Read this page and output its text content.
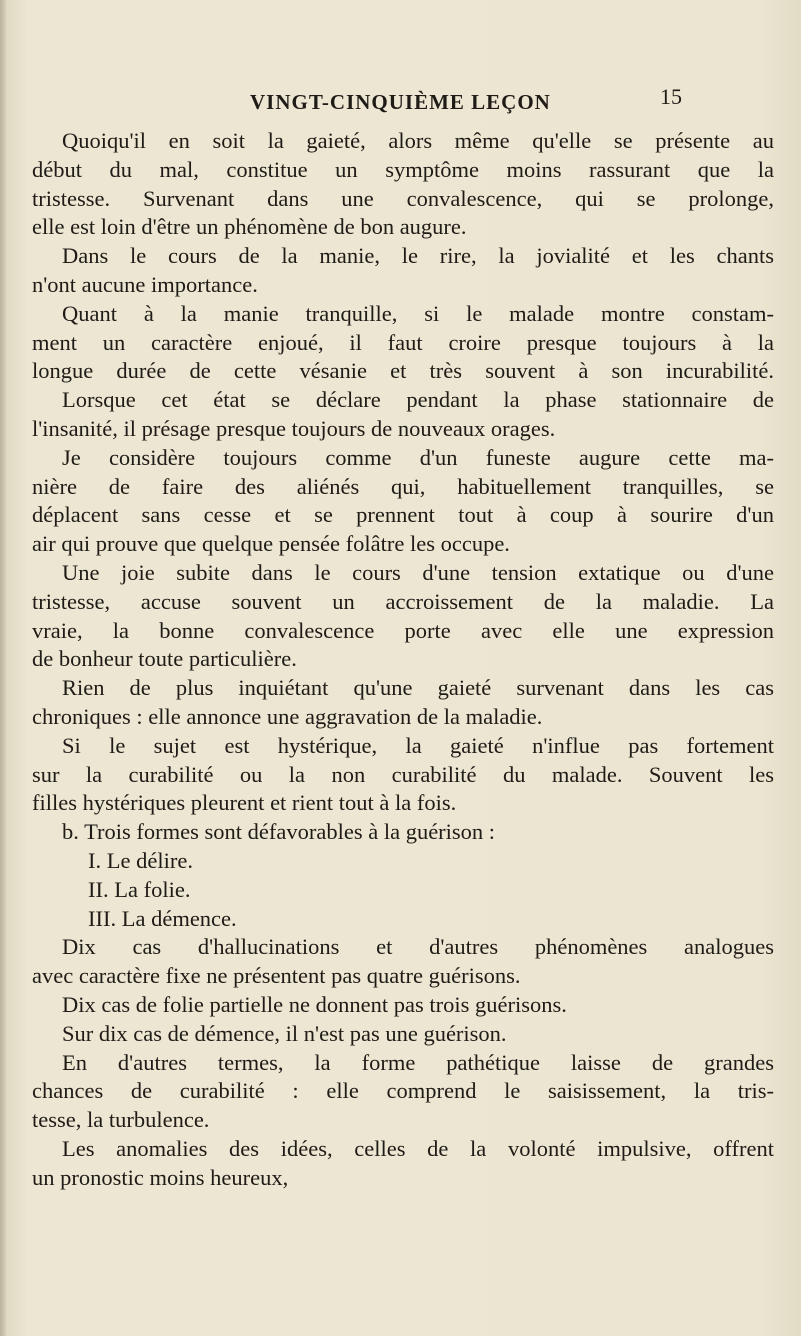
VINGT-CINQUIÈME LEÇON	15
Quoiqu'il en soit la gaieté, alors même qu'elle se présente au
début du mal, constitue un symptôme moins rassurant que la
tristesse. Survenant dans une convalescence, qui se prolonge,
elle est loin d'être un phénomène de bon augure.
Dans le cours de la manie, le rire, la jovialité et les chants
n'ont aucune importance.
Quant à la manie tranquille, si le malade montre constam-
ment un caractère enjoué, il faut croire presque toujours à la
longue durée de cette vésanie et très souvent à son incurabilité.
Lorsque cet état se déclare pendant la phase stationnaire de
l'insanité, il présage presque toujours de nouveaux orages.
Je considère toujours comme d'un funeste augure cette ma-
nière de faire des aliénés qui, habituellement tranquilles, se
déplacent sans cesse et se prennent tout à coup à sourire d'un
air qui prouve que quelque pensée folâtre les occupe.
Une joie subite dans le cours d'une tension extatique ou d'une
tristesse, accuse souvent un accroissement de la maladie. La
vraie, la bonne convalescence porte avec elle une expression
de bonheur toute particulière.
Rien de plus inquiétant qu'une gaieté survenant dans les cas
chroniques : elle annonce une aggravation de la maladie.
Si le sujet est hystérique, la gaieté n'influe pas fortement
sur la curabilité ou la non curabilité du malade. Souvent les
filles hystériques pleurent et rient tout à la fois.
b. Trois formes sont défavorables à la guérison :
I. Le délire.
II. La folie.
III. La démence.
Dix cas d'hallucinations et d'autres phénomènes analogues
avec caractère fixe ne présentent pas quatre guérisons.
Dix cas de folie partielle ne donnent pas trois guérisons.
Sur dix cas de démence, il n'est pas une guérison.
En d'autres termes, la forme pathétique laisse de grandes
chances de curabilité : elle comprend le saisissement, la tris-
tesse, la turbulence.
Les anomalies des idées, celles de la volonté impulsive, offrent
un pronostic moins heureux,
